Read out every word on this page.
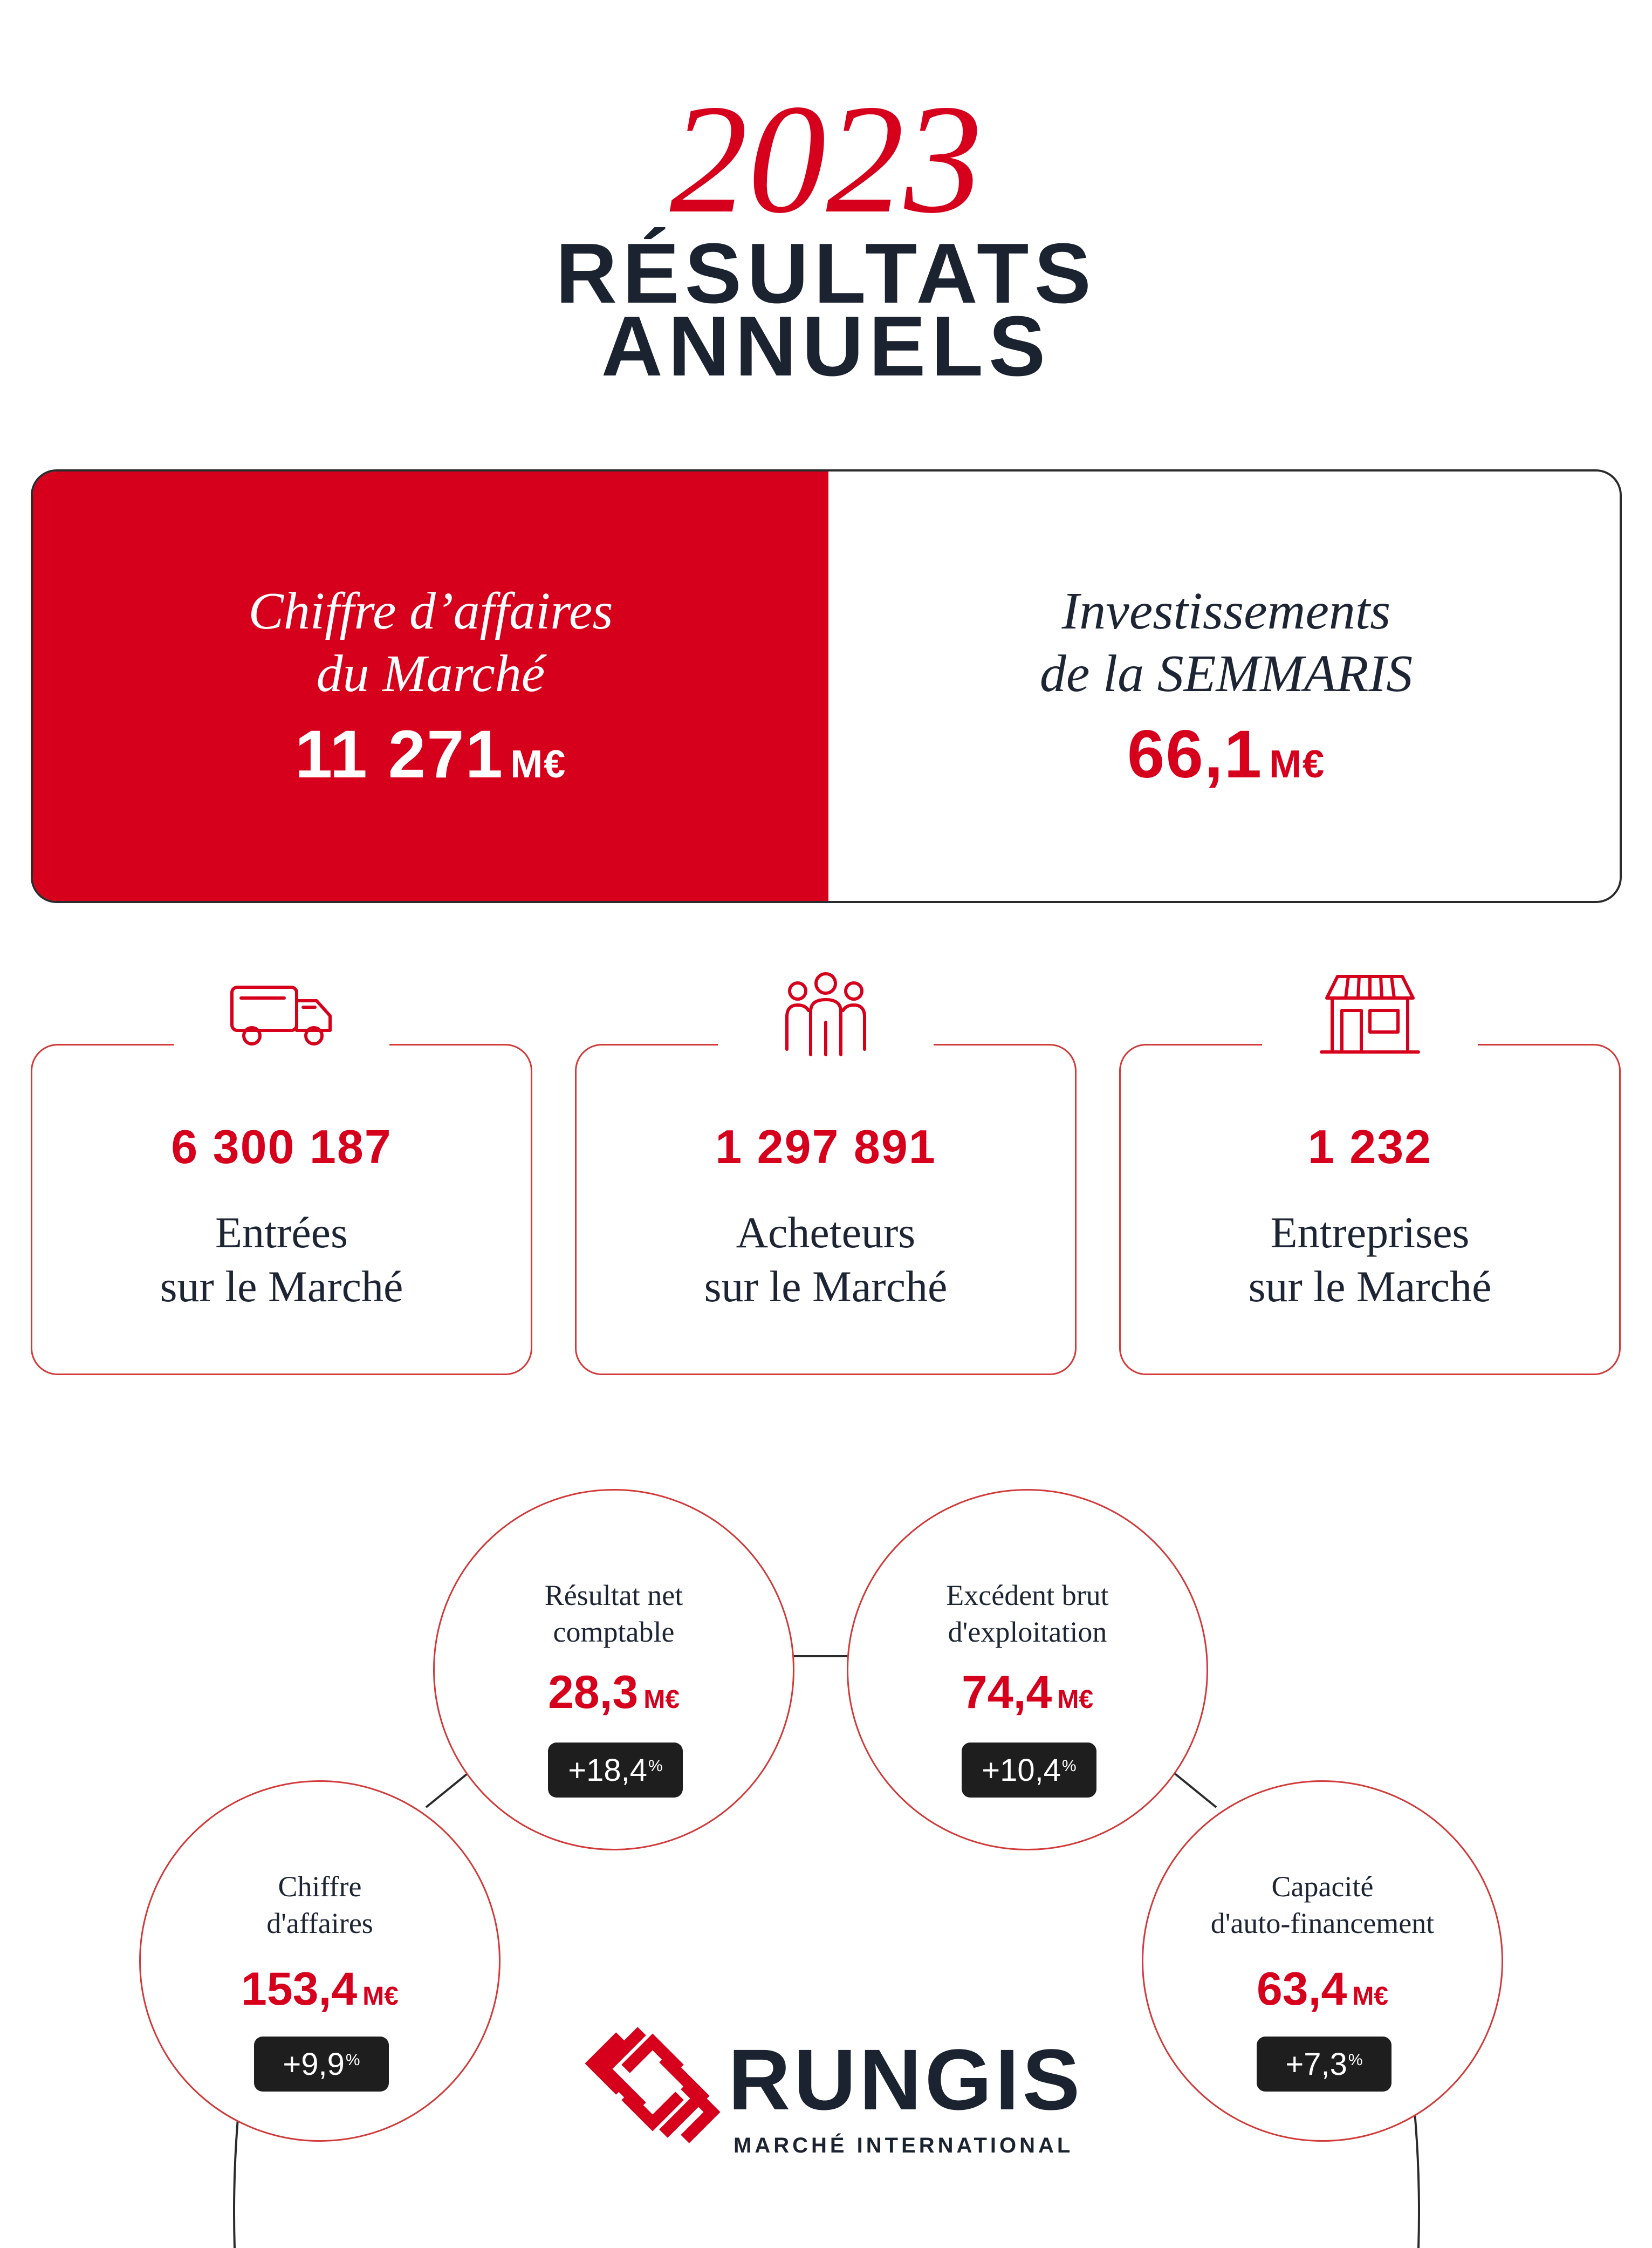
2023
RÉSULTATS
ANNUELS
Chiffre d’affaires
du Marché
11 271 M€
Investissements
de la SEMMARIS
66,1 M€
6 300 187
Entrées
sur le Marché
1 297 891
Acheteurs
sur le Marché
1 232
Entreprises
sur le Marché
Chiffre
d'affaires
153,4 M€
+9,9 %
Résultat net
comptable
28,3 M€
+18,4 %
Excédent brut
d'exploitation
74,4 M€
+10,4 %
Capacité
d'auto-financement
63,4 M€
+7,3 %
RUNGIS
MARCHÉ INTERNATIONAL
